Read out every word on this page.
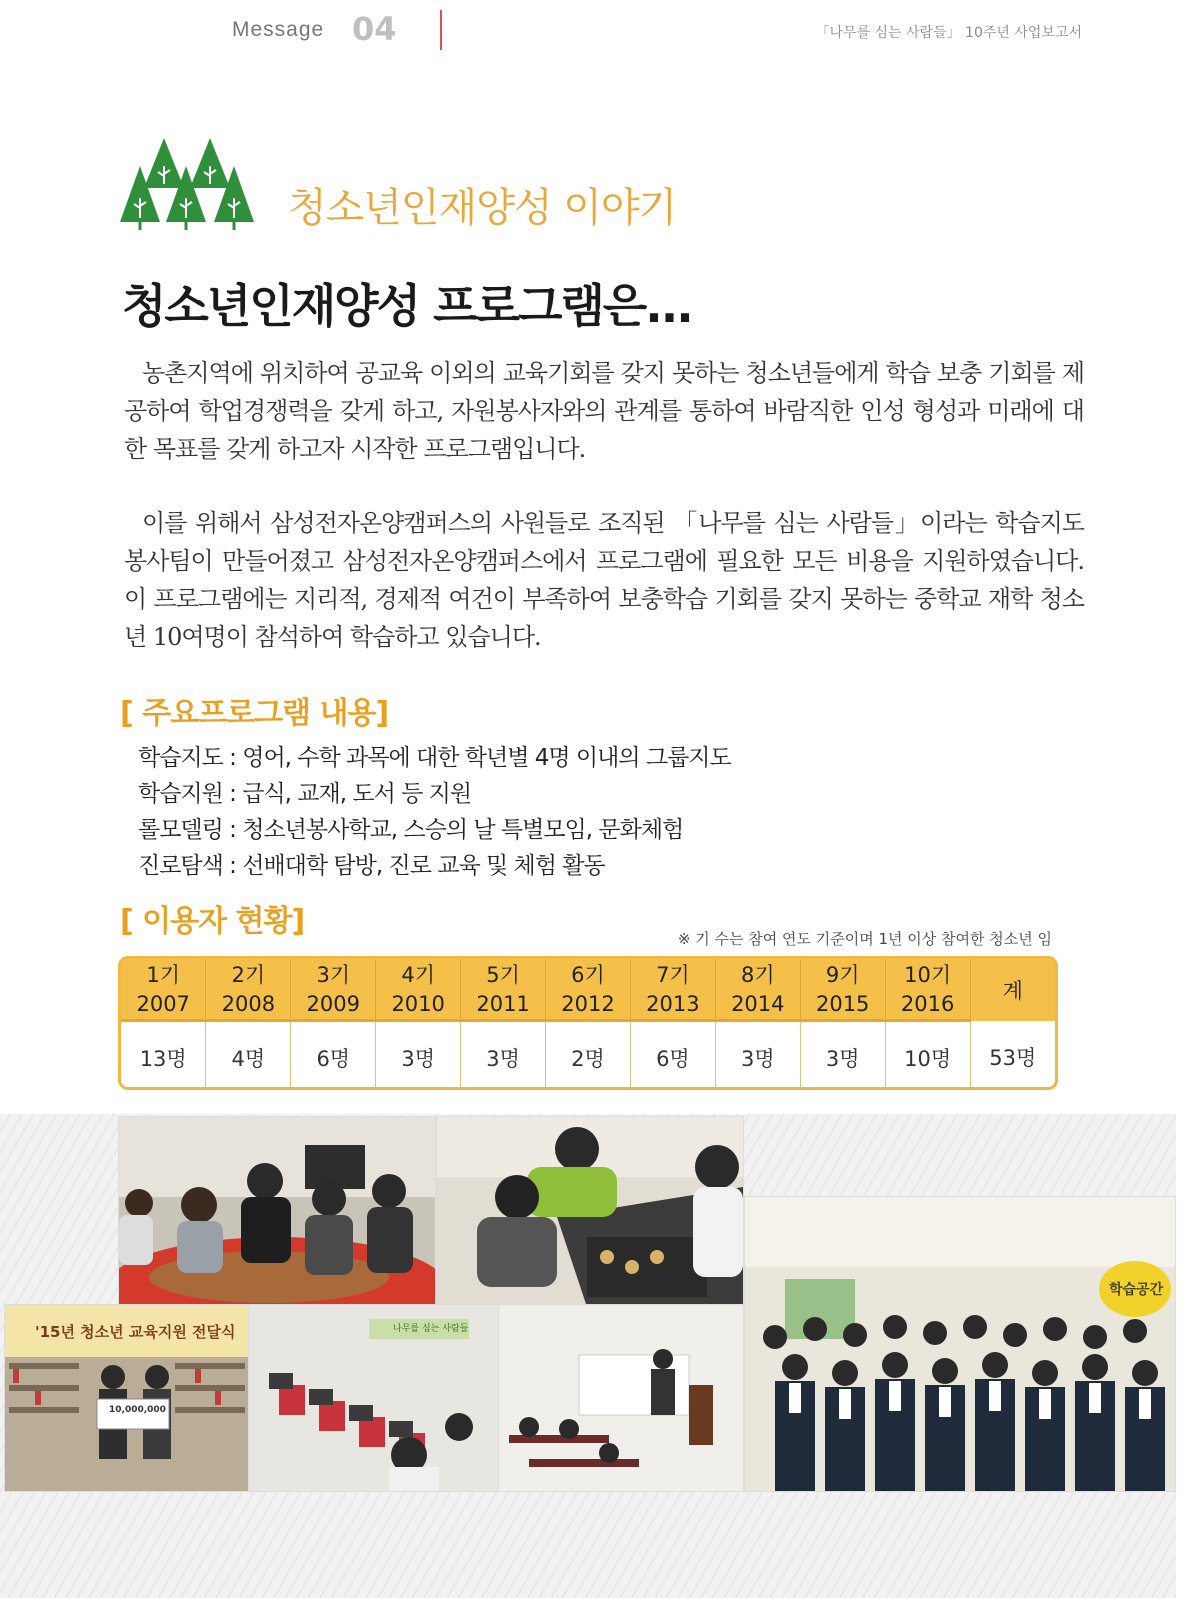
Message 04	「나무를 심는 사람들」 10주년 사업보고서
청소년인재양성 이야기
청소년인재양성 프로그램은...
농촌지역에 위치하여 공교육 이외의 교육기회를 갖지 못하는 청소년들에게 학습 보충 기회를 제공하여 학업경쟁력을 갖게 하고, 자원봉사자와의 관계를 통하여 바람직한 인성 형성과 미래에 대한 목표를 갖게 하고자 시작한 프로그램입니다.
이를 위해서 삼성전자온양캠퍼스의 사원들로 조직된 「나무를 심는 사람들」이라는 학습지도 봉사팀이 만들어졌고 삼성전자온양캠퍼스에서 프로그램에 필요한 모든 비용을 지원하였습니다. 이 프로그램에는 지리적, 경제적 여건이 부족하여 보충학습 기회를 갖지 못하는 중학교 재학 청소년 10여명이 참석하여 학습하고 있습니다.
[ 주요프로그램 내용]
학습지도 : 영어, 수학 과목에 대한 학년별 4명 이내의 그룹지도
학습지원 : 급식, 교재, 도서 등 지원
롤모델링 : 청소년봉사학교, 스승의 날 특별모임, 문화체험
진로탐색 : 선배대학 탐방, 진로 교육 및 체험 활동
[ 이용자 현황]	※ 기 수는 참여 연도 기준이며 1년 이상 참여한 청소년 임
1기	2기	3기	4기	5기	6기	7기	8기	9기	10기	계
2007	2008	2009	2010	2011	2012	2013	2014	2015	2016	
13명	4명	6명	3명	3명	2명	6명	3명	3명	10명	53명
'15년 청소년 교육지원 전달식
10,000,000
나무를 심는 사람들
학습공간
